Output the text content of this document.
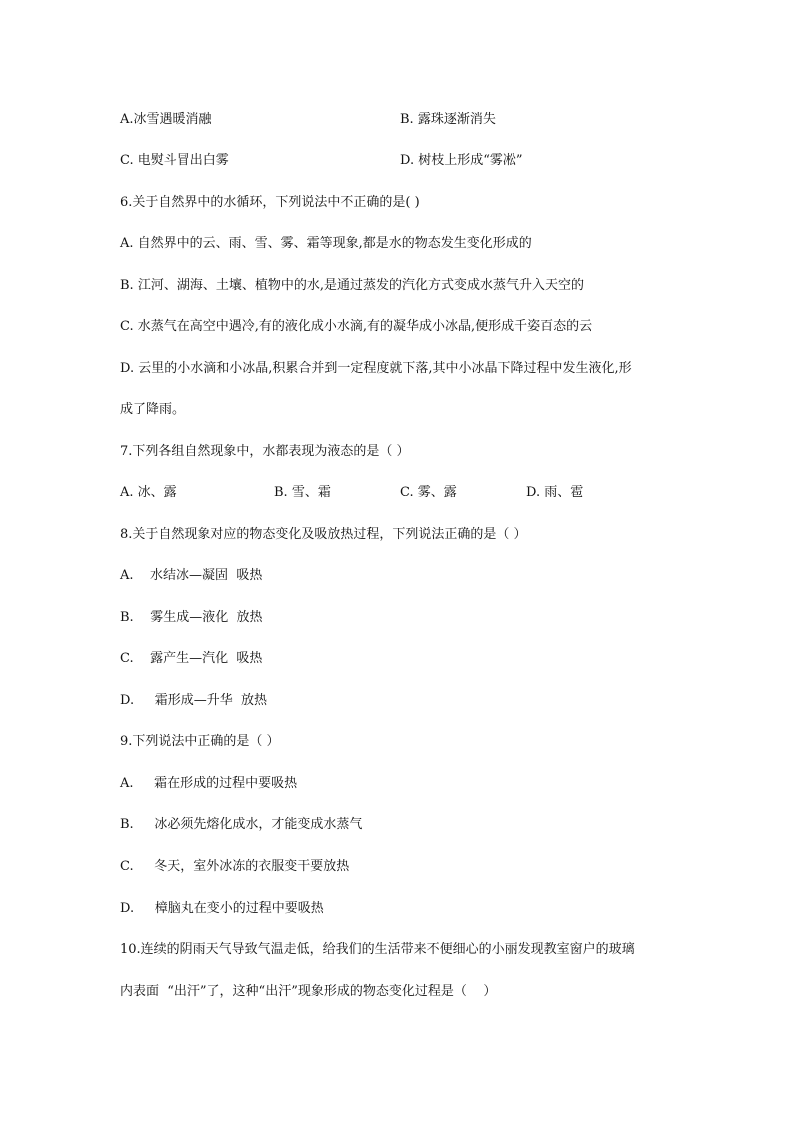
A.冰雪遇暖消融	B. 露珠逐渐消失
C. 电熨斗冒出白雾	D. 树枝上形成“雾凇”
6.关于自然界中的水循环，下列说法中不正确的是( )
A. 自然界中的云、雨、雪、雾、霜等现象,都是水的物态发生变化形成的
B. 江河、湖海、土壤、植物中的水,是通过蒸发的汽化方式变成水蒸气升入天空的
C. 水蒸气在高空中遇冷,有的液化成小水滴,有的凝华成小冰晶,便形成千姿百态的云
D. 云里的小水滴和小冰晶,积累合并到一定程度就下落,其中小冰晶下降过程中发生液化,形
成了降雨。
7.下列各组自然现象中，水都表现为液态的是（ ）
A. 冰、露	B. 雪、霜	C. 雾、露	D. 雨、雹
8.关于自然现象对应的物态变化及吸放热过程，下列说法正确的是（ ）
A.    水结冰—凝固  吸热
B.    雾生成—液化  放热
C.    露产生—汽化  吸热
D.     霜形成—升华  放热
9.下列说法中正确的是（ ）
A.     霜在形成的过程中要吸热
B.     冰必须先熔化成水，才能变成水蒸气
C.     冬天，室外冰冻的衣服变干要放热
D.     樟脑丸在变小的过程中要吸热
10.连续的阴雨天气导致气温走低，给我们的生活带来不便细心的小丽发现教室窗户的玻璃
内表面  “出汗”了，这种“出汗”现象形成的物态变化过程是（    ）
